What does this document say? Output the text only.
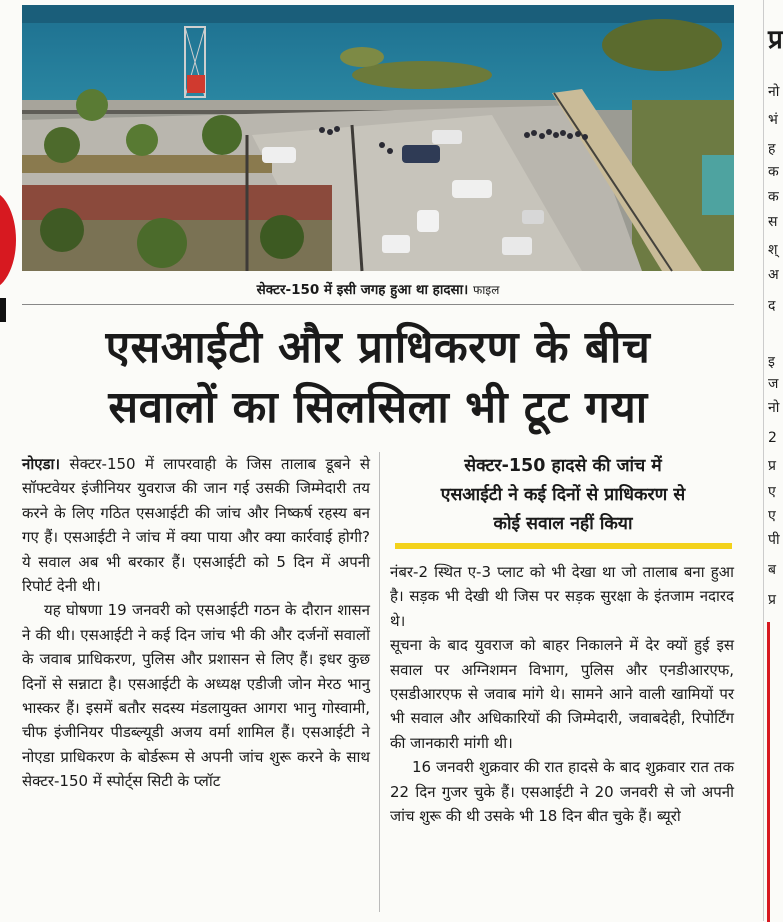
प्र
नो
भं
ह
क
क
स
श्
अ
द
इ
ज
नो
2
प्र
ए
ए
पी
ब
प्र
सेक्टर-150 में इसी जगह हुआ था हादसा। फाइल
एसआईटी और प्राधिकरण के बीच
सवालों का सिलसिला भी टूट गया

नोएडा। सेक्टर-150 में लापरवाही के जिस तालाब डूबने से सॉफ्टवेयर इंजीनियर युवराज की जान गई उसकी जिम्मेदारी तय करने के लिए गठित एसआईटी की जांच और निष्कर्ष रहस्य बन गए हैं। एसआईटी ने जांच में क्या पाया और क्या कार्रवाई होगी? ये सवाल अब भी बरकार हैं। एसआईटी को 5 दिन में अपनी रिपोर्ट देनी थी।

यह घोषणा 19 जनवरी को एसआईटी गठन के दौरान शासन ने की थी। एसआईटी ने कई दिन जांच भी की और दर्जनों सवालों के जवाब प्राधिकरण, पुलिस और प्रशासन से लिए हैं। इधर कुछ दिनों से सन्नाटा है। एसआईटी के अध्यक्ष एडीजी जोन मेरठ भानु भास्कर हैं। इसमें बतौर सदस्य मंडलायुक्त आगरा भानु गोस्वामी, चीफ इंजीनियर पीडब्ल्यूडी अजय वर्मा शामिल हैं। एसआईटी ने नोएडा प्राधिकरण के बोर्डरूम से अपनी जांच शुरू करने के साथ सेक्टर-150 में स्पोर्ट्स सिटी के प्लॉट

सेक्टर-150 हादसे की जांच में
एसआईटी ने कई दिनों से प्राधिकरण से
कोई सवाल नहीं किया

नंबर-2 स्थित ए-3 प्लाट को भी देखा था जो तालाब बना हुआ है। सड़क भी देखी थी जिस पर सड़क सुरक्षा के इंतजाम नदारद थे।

सूचना के बाद युवराज को बाहर निकालने में देर क्यों हुई इस सवाल पर अग्निशमन विभाग, पुलिस और एनडीआरएफ, एसडीआरएफ से जवाब मांगे थे। सामने आने वाली खामियों पर भी सवाल और अधिकारियों की जिम्मेदारी, जवाबदेही, रिपोर्टिंग की जानकारी मांगी थी।

16 जनवरी शुक्रवार की रात हादसे के बाद शुक्रवार रात तक 22 दिन गुजर चुके हैं। एसआईटी ने 20 जनवरी से जो अपनी जांच शुरू की थी उसके भी 18 दिन बीत चुके हैं। ब्यूरो
